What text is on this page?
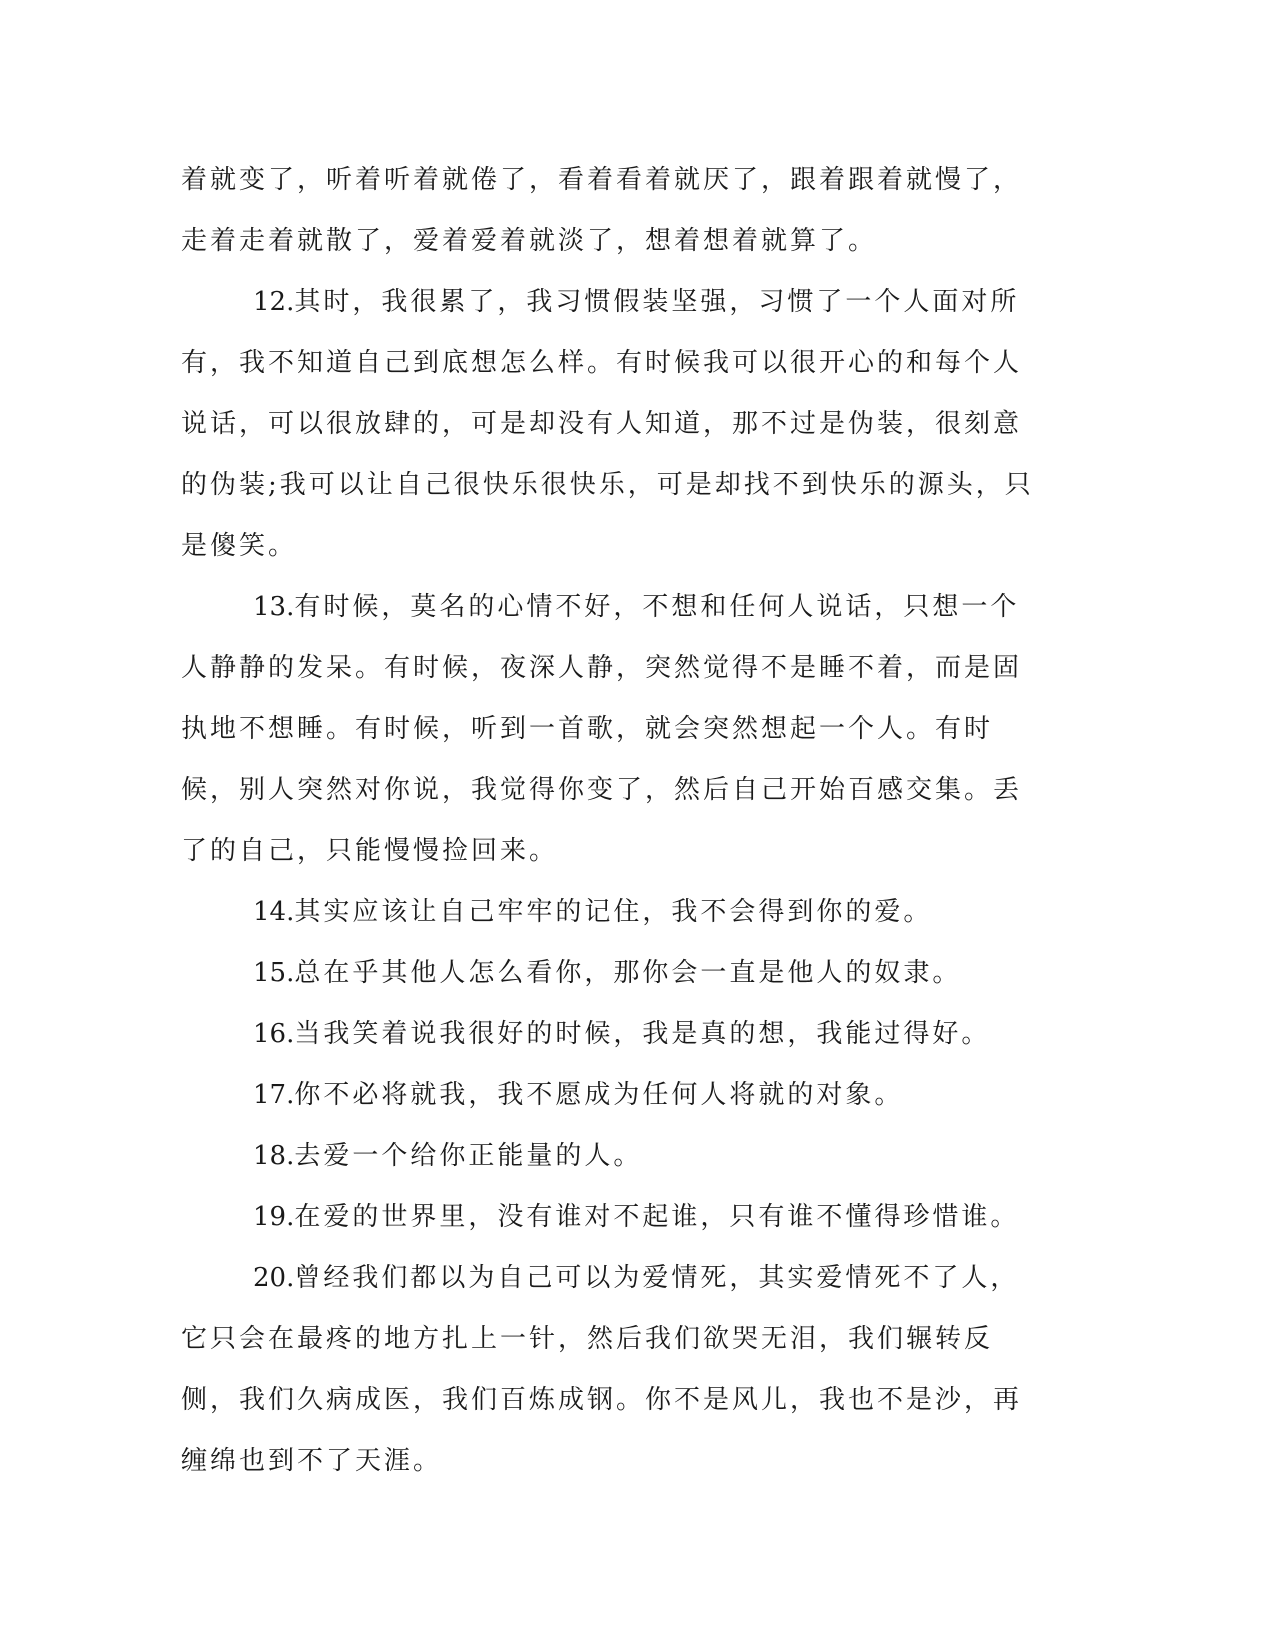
着就变了，听着听着就倦了，看着看着就厌了，跟着跟着就慢了，走着走着就散了，爱着爱着就淡了，想着想着就算了。

12.其时，我很累了，我习惯假装坚强，习惯了一个人面对所有，我不知道自己到底想怎么样。有时候我可以很开心的和每个人说话，可以很放肆的，可是却没有人知道，那不过是伪装，很刻意的伪装;我可以让自己很快乐很快乐，可是却找不到快乐的源头，只是傻笑。

13.有时候，莫名的心情不好，不想和任何人说话，只想一个人静静的发呆。有时候，夜深人静，突然觉得不是睡不着，而是固执地不想睡。有时候，听到一首歌，就会突然想起一个人。有时候，别人突然对你说，我觉得你变了，然后自己开始百感交集。丢了的自己，只能慢慢捡回来。

14.其实应该让自己牢牢的记住，我不会得到你的爱。

15.总在乎其他人怎么看你，那你会一直是他人的奴隶。

16.当我笑着说我很好的时候，我是真的想，我能过得好。

17.你不必将就我，我不愿成为任何人将就的对象。

18.去爱一个给你正能量的人。

19.在爱的世界里，没有谁对不起谁，只有谁不懂得珍惜谁。

20.曾经我们都以为自己可以为爱情死，其实爱情死不了人，它只会在最疼的地方扎上一针，然后我们欲哭无泪，我们辗转反侧，我们久病成医，我们百炼成钢。你不是风儿，我也不是沙，再缠绵也到不了天涯。
